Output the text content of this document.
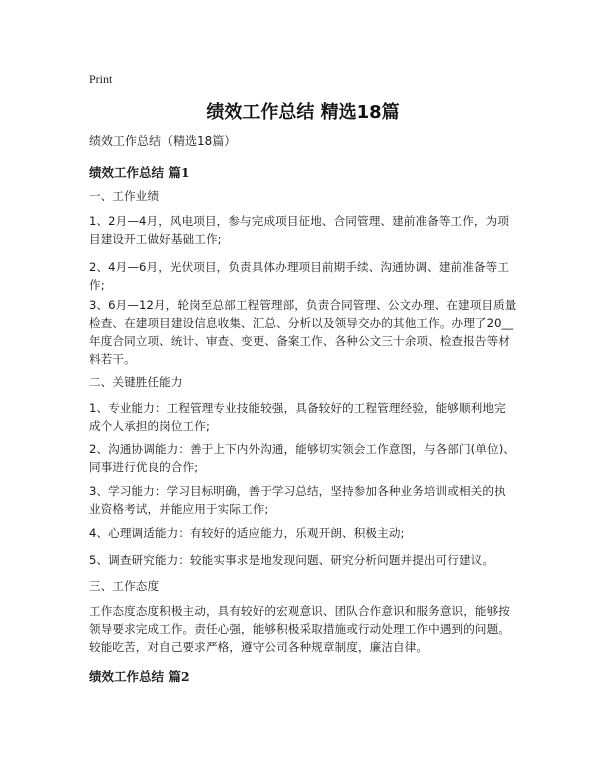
Print
绩效工作总结 精选18篇
绩效工作总结（精选18篇）
绩效工作总结 篇1
一、工作业绩
1、2月—4月，风电项目，参与完成项目征地、合同管理、建前准备等工作，为项目建设开工做好基础工作;
2、4月—6月，光伏项目，负责具体办理项目前期手续、沟通协调、建前准备等工作;
3、6月—12月，轮岗至总部工程管理部，负责合同管理、公文办理、在建项目质量检查、在建项目建设信息收集、汇总、分析以及领导交办的其他工作。办理了20__年度合同立项、统计、审查、变更、备案工作、各种公文三十余项、检查报告等材料若干。
二、关键胜任能力
1、专业能力：工程管理专业技能较强，具备较好的工程管理经验，能够顺利地完成个人承担的岗位工作;
2、沟通协调能力：善于上下内外沟通，能够切实领会工作意图，与各部门(单位)、同事进行优良的合作;
3、学习能力：学习目标明确，善于学习总结，坚持参加各种业务培训或相关的执业资格考试，并能应用于实际工作;
4、心理调适能力：有较好的适应能力，乐观开朗、积极主动;
5、调查研究能力：较能实事求是地发现问题、研究分析问题并提出可行建议。
三、工作态度
工作态度态度积极主动，具有较好的宏观意识、团队合作意识和服务意识，能够按领导要求完成工作。责任心强，能够积极采取措施或行动处理工作中遇到的问题。较能吃苦，对自己要求严格，遵守公司各种规章制度，廉洁自律。
绩效工作总结 篇2
